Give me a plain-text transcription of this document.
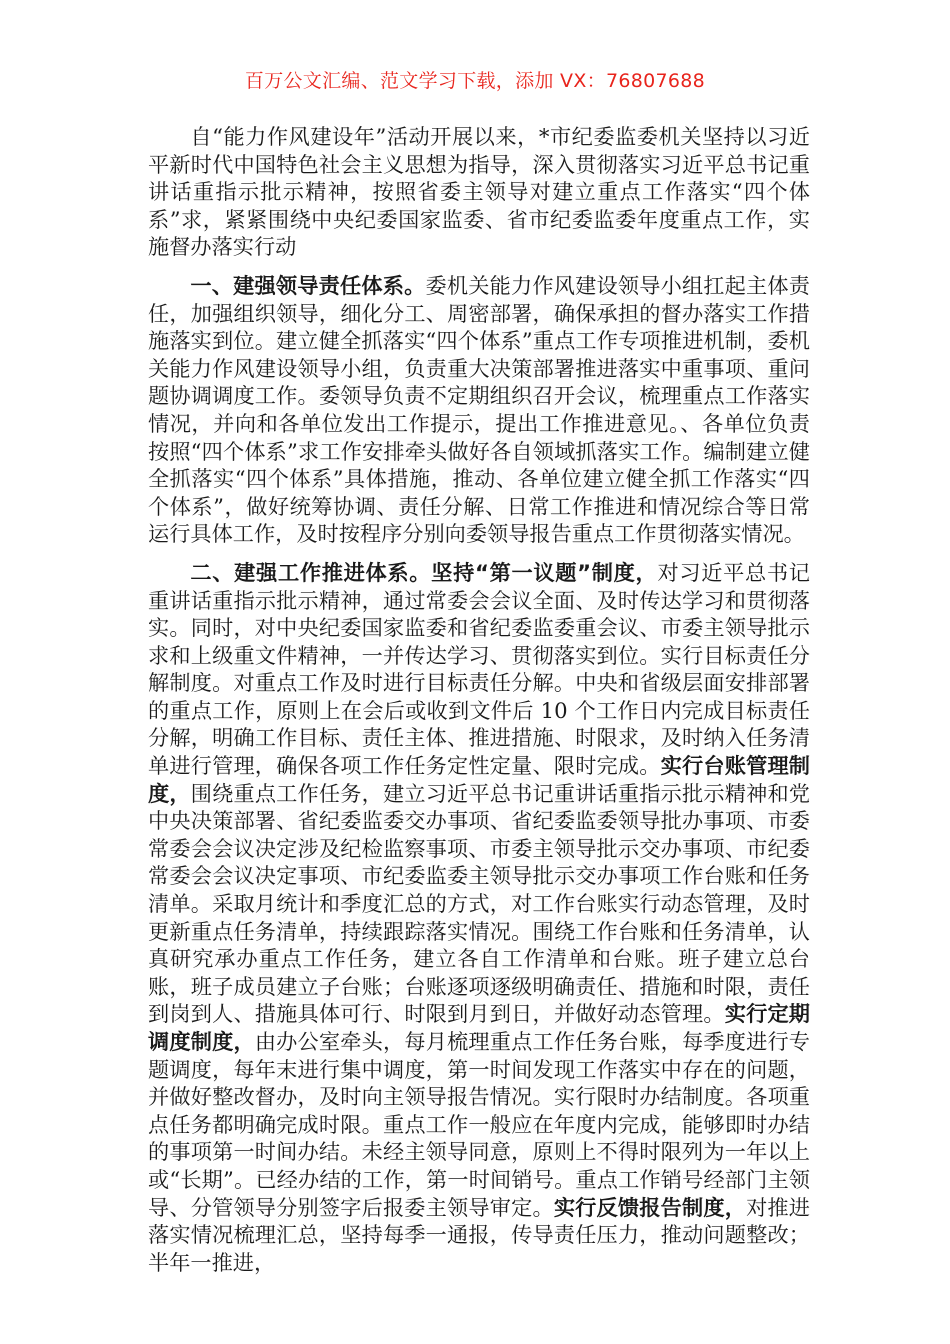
百万公文汇编、范文学习下载，添加 VX：76807688

自“能力作风建设年”活动开展以来，*市纪委监委机关坚持以习近平新时代中国特色社会主义思想为指导，深入贯彻落实习近平总书记重讲话重指示批示精神，按照省委主领导对建立重点工作落实“四个体系”求，紧紧围绕中央纪委国家监委、省市纪委监委年度重点工作，实施督办落实行动

一、建强领导责任体系。委机关能力作风建设领导小组扛起主体责任，加强组织领导，细化分工、周密部署，确保承担的督办落实工作措施落实到位。建立健全抓落实“四个体系”重点工作专项推进机制，委机关能力作风建设领导小组，负责重大决策部署推进落实中重事项、重问题协调调度工作。委领导负责不定期组织召开会议，梳理重点工作落实情况，并向和各单位发出工作提示，提出工作推进意见。、各单位负责按照“四个体系”求工作安排牵头做好各自领域抓落实工作。编制建立健全抓落实“四个体系”具体措施，推动、各单位建立健全抓工作落实“四个体系”，做好统筹协调、责任分解、日常工作推进和情况综合等日常运行具体工作，及时按程序分别向委领导报告重点工作贯彻落实情况。

二、建强工作推进体系。坚持“第一议题”制度，对习近平总书记重讲话重指示批示精神，通过常委会会议全面、及时传达学习和贯彻落实。同时，对中央纪委国家监委和省纪委监委重会议、市委主领导批示求和上级重文件精神，一并传达学习、贯彻落实到位。实行目标责任分解制度。对重点工作及时进行目标责任分解。中央和省级层面安排部署的重点工作，原则上在会后或收到文件后 10 个工作日内完成目标责任分解，明确工作目标、责任主体、推进措施、时限求，及时纳入任务清单进行管理，确保各项工作任务定性定量、限时完成。实行台账管理制度，围绕重点工作任务，建立习近平总书记重讲话重指示批示精神和党中央决策部署、省纪委监委交办事项、省纪委监委领导批办事项、市委常委会会议决定涉及纪检监察事项、市委主领导批示交办事项、市纪委常委会会议决定事项、市纪委监委主领导批示交办事项工作台账和任务清单。采取月统计和季度汇总的方式，对工作台账实行动态管理，及时更新重点任务清单，持续跟踪落实情况。围绕工作台账和任务清单，认真研究承办重点工作任务，建立各自工作清单和台账。班子建立总台账，班子成员建立子台账；台账逐项逐级明确责任、措施和时限，责任到岗到人、措施具体可行、时限到月到日，并做好动态管理。实行定期调度制度，由办公室牵头，每月梳理重点工作任务台账，每季度进行专题调度，每年末进行集中调度，第一时间发现工作落实中存在的问题，并做好整改督办，及时向主领导报告情况。实行限时办结制度。各项重点任务都明确完成时限。重点工作一般应在年度内完成，能够即时办结的事项第一时间办结。未经主领导同意，原则上不得时限列为一年以上或“长期”。已经办结的工作，第一时间销号。重点工作销号经部门主领导、分管领导分别签字后报委主领导审定。实行反馈报告制度，对推进落实情况梳理汇总，坚持每季一通报，传导责任压力，推动问题整改；半年一推进，
